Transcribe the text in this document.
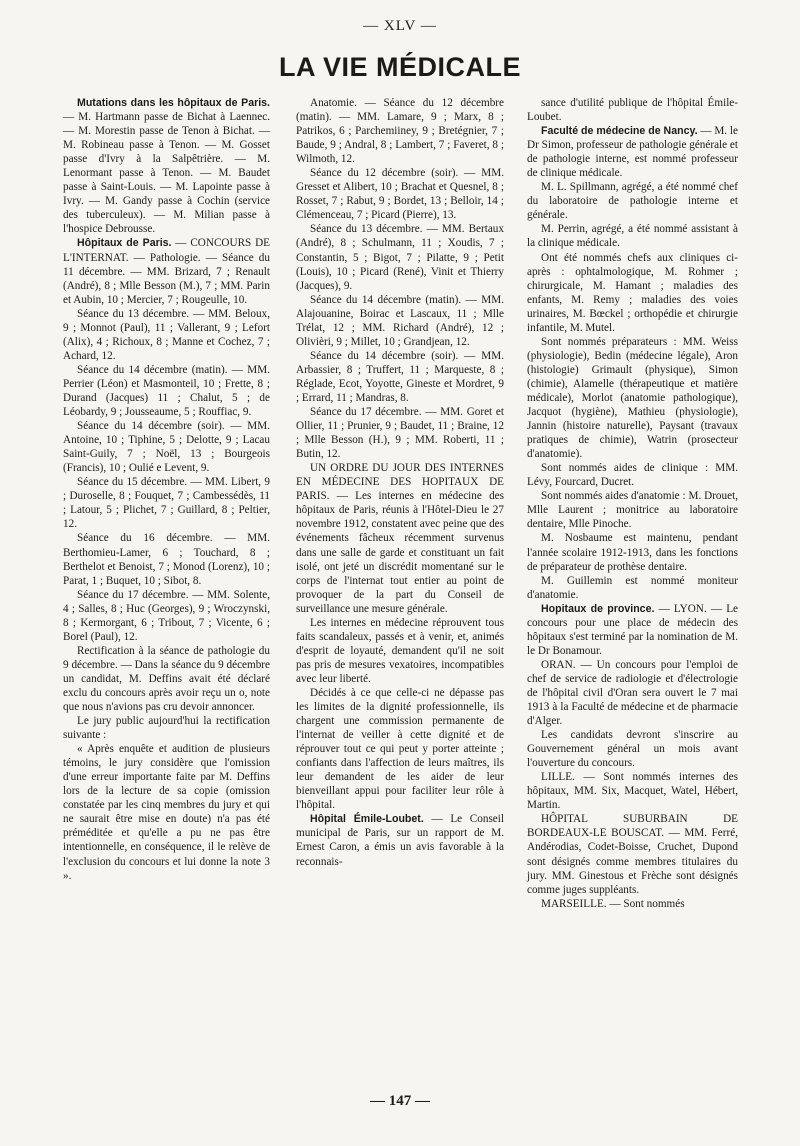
— XLV —
LA VIE MÉDICALE

Mutations dans les hôpitaux de Paris. — M. Hartmann passe de Bichat à Laennec. — M. Morestin passe de Tenon à Bichat. — M. Robineau passe à Tenon. — M. Gosset passe d'Ivry à la Salpêtrière. — M. Lenormant passe à Tenon. — M. Baudet passe à Saint-Louis. — M. Lapointe passe à Ivry. — M. Gandy passe à Cochin (service des tuberculeux). — M. Milian passe à l'hospice Debrousse.

Hôpitaux de Paris. — CONCOURS DE L'INTERNAT. — Pathologie. — Séance du 11 décembre. — MM. Brizard, 7 ; Renault (André), 8 ; Mlle Besson (M.), 7 ; MM. Parin et Aubin, 10 ; Mercier, 7 ; Rougeulle, 10.

Séance du 13 décembre. — MM. Beloux, 9 ; Monnot (Paul), 11 ; Vallerant, 9 ; Lefort (Alix), 4 ; Richoux, 8 ; Manne et Cochez, 7 ; Achard, 12.

Séance du 14 décembre (matin). — MM. Perrier (Léon) et Masmonteil, 10 ; Frette, 8 ; Durand (Jacques) 11 ; Chalut, 5 ; de Léobardy, 9 ; Jousseaume, 5 ; Rouffiac, 9.

Séance du 14 décembre (soir). — MM. Antoine, 10 ; Tiphine, 5 ; Delotte, 9 ; Lacau Saint-Guily, 7 ; Noël, 13 ; Bourgeois (Francis), 10 ; Oulié e Levent, 9.

Séance du 15 décembre. — MM. Libert, 9 ; Duroselle, 8 ; Fouquet, 7 ; Cambessédès, 11 ; Latour, 5 ; Plichet, 7 ; Guillard, 8 ; Peltier, 12.

Séance du 16 décembre. — MM. Berthomieu-Lamer, 6 ; Touchard, 8 ; Berthelot et Benoist, 7 ; Monod (Lorenz), 10 ; Parat, 1 ; Buquet, 10 ; Sibot, 8.

Séance du 17 décembre. — MM. Solente, 4 ; Salles, 8 ; Huc (Georges), 9 ; Wroczynski, 8 ; Kermorgant, 6 ; Tribout, 7 ; Vicente, 6 ; Borel (Paul), 12.

Rectification à la séance de pathologie du 9 décembre. — Dans la séance du 9 décembre un candidat, M. Deffins avait été déclaré exclu du concours après avoir reçu un o, note que nous n'avions pas cru devoir annoncer.

Le jury public aujourd'hui la rectification suivante :

« Après enquête et audition de plusieurs témoins, le jury considère que l'omission d'une erreur importante faite par M. Deffins lors de la lecture de sa copie (omission constatée par les cinq membres du jury et qui ne saurait être mise en doute) n'a pas été préméditée et qu'elle a pu ne pas être intentionnelle, en conséquence, il le relève de l'exclusion du concours et lui donne la note 3 ».

Anatomie. — Séance du 12 décembre (matin). — MM. Lamare, 9 ; Marx, 8 ; Patrikos, 6 ; Parchemiiney, 9 ; Bretégnier, 7 ; Baude, 9 ; Andral, 8 ; Lambert, 7 ; Faveret, 8 ; Wilmoth, 12.

Séance du 12 décembre (soir). — MM. Gresset et Alibert, 10 ; Brachat et Quesnel, 8 ; Rosset, 7 ; Rabut, 9 ; Bordet, 13 ; Belloir, 14 ; Clémenceau, 7 ; Picard (Pierre), 13.

Séance du 13 décembre. — MM. Bertaux (André), 8 ; Schulmann, 11 ; Xoudis, 7 ; Constantin, 5 ; Bigot, 7 ; Pilatte, 9 ; Petit (Louis), 10 ; Picard (René), Vinit et Thierry (Jacques), 9.

Séance du 14 décembre (matin). — MM. Alajouanine, Boirac et Lascaux, 11 ; Mlle Trélat, 12 ; MM. Richard (André), 12 ; Olivièri, 9 ; Millet, 10 ; Grandjean, 12.

Séance du 14 décembre (soir). — MM. Arbassier, 8 ; Truffert, 11 ; Marqueste, 8 ; Réglade, Ecot, Yoyotte, Gineste et Mordret, 9 ; Errard, 11 ; Mandras, 8.

Séance du 17 décembre. — MM. Goret et Ollier, 11 ; Prunier, 9 ; Baudet, 11 ; Braine, 12 ; Mlle Besson (H.), 9 ; MM. Roberti, 11 ; Butin, 12.

UN ORDRE DU JOUR DES INTERNES EN MÉDECINE DES HOPITAUX DE PARIS. — Les internes en médecine des hôpitaux de Paris, réunis à l'Hôtel-Dieu le 27 novembre 1912, constatent avec peine que des événements fâcheux récemment survenus dans une salle de garde et constituant un fait isolé, ont jeté un discrédit momentané sur le corps de l'internat tout entier au point de provoquer de la part du Conseil de surveillance une mesure générale.

Les internes en médecine réprouvent tous faits scandaleux, passés et à venir, et, animés d'esprit de loyauté, demandent qu'il ne soit pas pris de mesures vexatoires, incompatibles avec leur liberté.

Décidés à ce que celle-ci ne dépasse pas les limites de la dignité professionnelle, ils chargent une commission permanente de l'internat de veiller à cette dignité et de réprouver tout ce qui peut y porter atteinte ; confiants dans l'affection de leurs maîtres, ils leur demandent de les aider de leur bienveillant appui pour faciliter leur rôle à l'hôpital.

Hôpital Émile-Loubet. — Le Conseil municipal de Paris, sur un rapport de M. Ernest Caron, a émis un avis favorable à la reconnais-

sance d'utilité publique de l'hôpital Émile-Loubet.

Faculté de médecine de Nancy. — M. le Dr Simon, professeur de pathologie générale et de pathologie interne, est nommé professeur de clinique médicale.

M. L. Spillmann, agrégé, a été nommé chef du laboratoire de pathologie interne et générale.

M. Perrin, agrégé, a été nommé assistant à la clinique médicale.

Ont été nommés chefs aux cliniques ci-après : ophtalmologique, M. Rohmer ; chirurgicale, M. Hamant ; maladies des enfants, M. Remy ; maladies des voies urinaires, M. Bœckel ; orthopédie et chirurgie infantile, M. Mutel.

Sont nommés préparateurs : MM. Weiss (physiologie), Bedin (médecine légale), Aron (histologie) Grimault (physique), Simon (chimie), Alamelle (thérapeutique et matière médicale), Morlot (anatomie pathologique), Jacquot (hygiène), Mathieu (physiologie), Jannin (histoire naturelle), Paysant (travaux pratiques de chimie), Watrin (prosecteur d'anatomie).

Sont nommés aides de clinique : MM. Lévy, Fourcard, Ducret.

Sont nommés aides d'anatomie : M. Drouet, Mlle Laurent ; monitrice au laboratoire dentaire, Mlle Pinoche.

M. Nosbaume est maintenu, pendant l'année scolaire 1912-1913, dans les fonctions de préparateur de prothèse dentaire.

M. Guillemin est nommé moniteur d'anatomie.

Hopitaux de province. — LYON. — Le concours pour une place de médecin des hôpitaux s'est terminé par la nomination de M. le Dr Bonamour.

ORAN. — Un concours pour l'emploi de chef de service de radiologie et d'électrologie de l'hôpital civil d'Oran sera ouvert le 7 mai 1913 à la Faculté de médecine et de pharmacie d'Alger.

Les candidats devront s'inscrire au Gouvernement général un mois avant l'ouverture du concours.

LILLE. — Sont nommés internes des hôpitaux, MM. Six, Macquet, Watel, Hébert, Martin.

HÔPITAL SUBURBAIN DE BORDEAUX-LE BOUSCAT. — MM. Ferré, Andérodias, Codet-Boisse, Cruchet, Dupond sont désignés comme membres titulaires du jury. MM. Ginestous et Frèche sont désignés comme juges suppléants.

MARSEILLE. — Sont nommés

— 147 —
